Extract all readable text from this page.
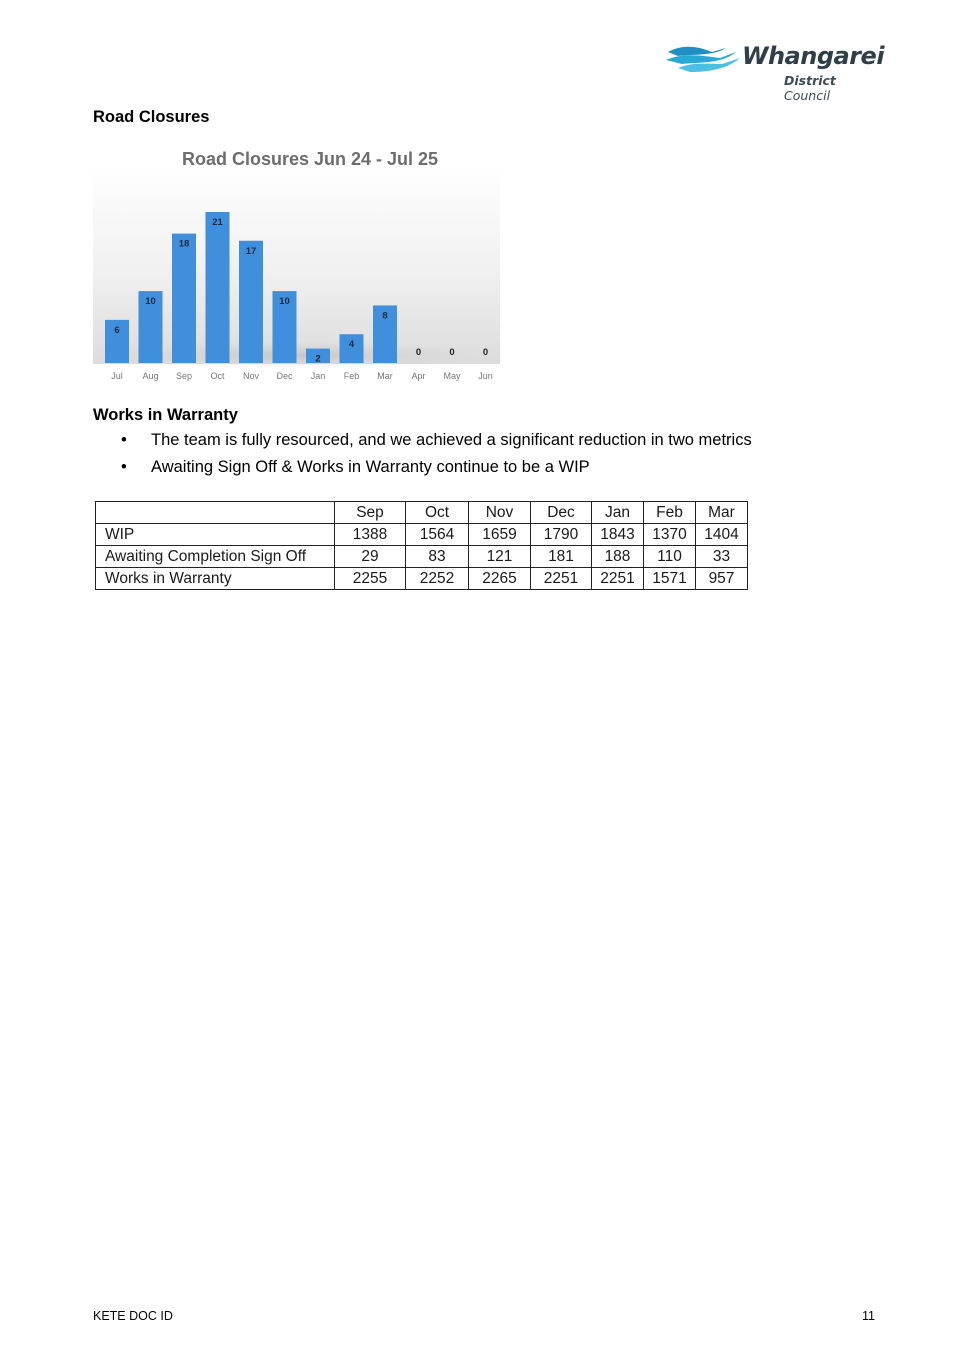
Whangarei
District Council
Road Closures
Road Closures Jun 24 - Jul 25
6
Jul
10
Aug
18
Sep
21
Oct
17
Nov
10
Dec
2
Jan
4
Feb
8
Mar
0
Apr
0
May
0
Jun
Works in Warranty
• The team is fully resourced, and we achieved a significant reduction in two metrics
• Awaiting Sign Off & Works in Warranty continue to be a WIP
	Sep	Oct	Nov	Dec	Jan	Feb	Mar
WIP	1388	1564	1659	1790	1843	1370	1404
Awaiting Completion Sign Off	29	83	121	181	188	110	33
Works in Warranty	2255	2252	2265	2251	2251	1571	957
KETE DOC ID	11
